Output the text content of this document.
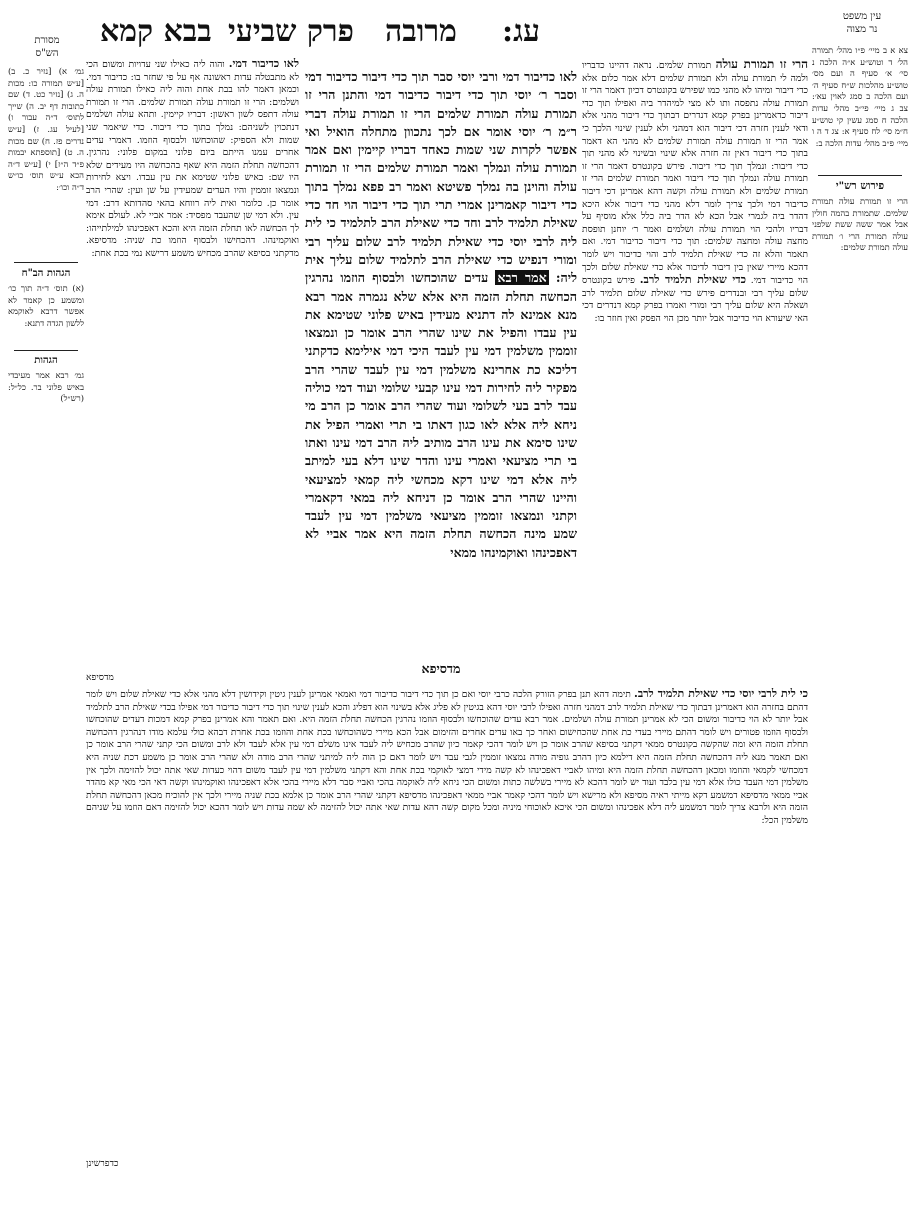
עג:
מרובה
פרק שביעי
בבא קמא	עין משפט
נר מצוה
מסורת
הש"ס	צא א ב מיי׳ פ״ו מהל׳ תמורה הל׳ ד וטוש״ע א״ה הלכה נ סי׳ א׳ סעיף ה ועם מס׳ טוש״ע מהלכות ש״ח סעיף ה׳ ועם הלכה ב סמג לאוין עא׳: צב ג מיי׳ פי״ב מהל׳ עדות הלכה ח סמג עשין קי טוש״ע ח״מ סי׳ לח סעיף א: צג ד ה ו מיי׳ פ״ב מהל׳ עדות הלכה ב:
פירוש רש"י
הרי זו תמורת עולה תמורת שלמים. שתמורת בהמה חולין אבל אמר ששה ששת שלפני עולה תמורת הרי ו׳ תמורת עולה תמורת שלמים:
גמ׳ א) [נזיר כ. ב) [ע״ש תמורה כו: מכות ה. ג) [נזיר כט. ד) שם כתובות דף יב. ה) שייך לתוס׳ ד״ה עבור ו) [לעיל עג. ז) [ע״ש נדרים פז. ח) שם מכות ה. ט) [תוספתא יבמות פ״ד ה״ז] י) [ע״ש ד״ה הכא ע״ש תוס׳ כו״ש ד״ה וכו׳:
הגהות הב"ח
(א) תוס׳ ד״ה תוך כו׳ ומשמע כן קאמר לא אפשר דרבא לאוקמא ללשון הגדה דתנא:
הגהות
גמ׳ רבא אמר מעיבדי באיש פלוני בר. כל״ל: (רש״ל)
הרי זו תמורת עולה תמורת שלמים. נראה דהיינו כדבריו ולמה לי תמורת עולה ולא תמורת שלמים דלא אמר כלום אלא כדי דיבור ומיהו לא מהני כמו שפירש בקונטרס דכיון דאמר הרי זו תמורת עולה נתפסה ותו לא מצי למיהדר ביה ואפילו תוך כדי דיבור כדאמרינן בפרק קמא דנדרים דבתוך כדי דיבור מהני אלא ודאי לענין חזרה דכי דיבור הוא דמהני ולא לענין שינוי הלכך כי אמר הרי זו תמורת עולה תמורת שלמים לא מהני הא דאמר בתוך כדי דיבור דאין זה חזרה אלא שינוי ובשינוי לא מהני תוך כדי דיבור: ונמלך תוך כדי דיבור. פירש בקונטרס דאמר הרי זו תמורת עולה ונמלך תוך כדי דיבור ואמר תמורת שלמים הרי זו תמורת שלמים ולא תמורת עולה וקשה דהא אמרינן דכי דיבור כדיבור דמי ולכך צריך לומר דלא מהני כדי דיבור אלא היכא דהדר ביה לגמרי אבל הכא לא הדר ביה כלל אלא מוסיף על דבריו ולהכי הוי תמורת עולה ושלמים ואמר ר׳ יוחנן תופסת מחצה עולה ומחצה שלמים: תוך כדי דיבור כדיבור דמי. ואם תאמר והלא זה כדי שאילת תלמיד לרב והוי כדיבור ויש לומר דהכא מיירי שאין בין דיבור לדיבור אלא כדי שאילת שלום ולכך הוי כדיבור דמי. כדי שאילת תלמיד לרב. פירש בקונטרס שלום עליך רבי ובנדרים פירש כדי שאילת שלום תלמיד לרב ושאלה היא שלום עליך רבי ומורי ואמרו בפרק קמא דנדרים דכי האי שיעורא הוי כדיבור אבל יותר מכן הוי הפסק ואין חוזר בו:
לאו כדיבור דמי ורבי יוסי סבר תוך כדי דיבור כדיבור דמי וסבר ר׳ יוסי תוך כדי דיבור כדיבור דמי והתנן הרי זו תמורת עולה תמורת שלמים הרי זו תמורת עולה דברי ר״מ ר׳ יוסי אומר אם לכך נתכוון מתחלה הואיל ואי אפשר לקרות שני שמות כאחד דבריו קיימין ואם אמר תמורת עולה ונמלך ואמר תמורת שלמים הרי זו תמורת עולה והוינן בה נמלך פשיטא ואמר רב פפא נמלך בתוך כדי דיבור קאמרינן אמרי תרי תוך כדי דיבור הוי חד כדי שאילת תלמיד לרב וחד כדי שאילת הרב לתלמיד כי לית ליה לרבי יוסי כדי שאילת תלמיד לרב שלום עליך רבי ומורי דנפיש כדי שאילת הרב לתלמיד שלום עליך אית ליה: אמר רבא עדים שהוכחשו ולבסוף הוזמו נהרגין הכחשה תחלת הזמה היא אלא שלא נגמרה אמר רבא מנא אמינא לה דתניא מעידין באיש פלוני שטימא את עין עבדו והפיל את שינו שהרי הרב אומר כן ונמצאו זוממין משלמין דמי עין לעבד היכי דמי אילימא כדקתני דליכא כת אחרינא משלמין דמי עין לעבד שהרי הרב מפקיר ליה לחירות דמי עינו קבעי שלומי ועוד דמי כוליה עבד לרב בעי לשלומי ועוד שהרי הרב אומר כן הרב מי ניחא ליה אלא לאו כגון דאתו בי תרי ואמרי הפיל את שינו סימא את עינו הרב מותיב ליה הרב דמי עינו ואתו בי תרי מציעאי ואמרי עינו והדר שינו דלא בעי למיתב ליה אלא דמי שינו דקא מכחשי ליה קמאי למציעאי והיינו שהרי הרב אומר כן דניחא ליה במאי דקאמרי וקתני ונמצאו זוממין מציעאי משלמין דמי עין לעבד שמע מינה הכחשה תחלת הזמה היא אמר אביי לא דאפכינהו ואוקמינהו ממאי
מדסיפא
לאו כדיבור דמי. והוה ליה כאילו שני עדויות ומשום הכי לא מתבטלה עדות ראשונה אף על פי שחזר בו: כדיבור דמי. וכמאן דאמר להו בבת אחת והוה ליה כאילו תמורת עולה ושלמים: הרי זו תמורת עולה תמורת שלמים. הרי זו תמורת עולה דתפס לשון ראשון: דבריו קיימין. ותהא עולה ושלמים דנתכוין לשניהם: נמלך בתוך כדי דיבור. כדי שיאמר שני שמות ולא הספיק: שהוכחשו ולבסוף הוזמו. דאמרי עדים אחרים עמנו הייתם ביום פלוני במקום פלוני: נהרגין. דהכחשה תחלת הזמה היא שאף בהכחשה היו מעידים שלא היו שם: באיש פלוני שטימא את עין עבדו. ויצא לחירות ונמצאו זוממין והיו העדים שמעידין על שן ועין: שהרי הרב אומר כן. כלומר ואית ליה רווחא בהאי סהדותא דרב: דמי עין. ולא דמי שן שהעבד מפסיד: אמר אביי לא. לעולם אימא לך הכחשה לאו תחלת הזמה היא והכא דאפכינהו למילתייהו: ואוקמינהו. דהכחישו ולבסוף הוזמו כת שניה: מדסיפא. מדקתני בסיפא שהרב מכחיש משמע דרישא נמי בכת אחת:
מדסיפא
כי לית לרבי יוסי כדי שאילת תלמיד לרב. תימה דהא תנן בפרק הזורק הלכה כרבי יוסי ואם כן תוך כדי דיבור כדיבור דמי ואמאי אמרינן לענין גיטין וקידושין דלא מהני אלא כדי שאילת שלום ויש לומר דהתם בחזרה הוא דאמרינן דבתוך כדי שאילת תלמיד לרב דמהני חזרה ואפילו לרבי יוסי דהא בגיטין לא פליג אלא בשינוי הוא דפליג והכא לענין שינוי תוך כדי דיבור כדיבור דמי אפילו בכדי שאילת הרב לתלמיד אבל יותר לא הוי כדיבור ומשום הכי לא אמרינן תמורת עולה ושלמים. אמר רבא עדים שהוכחשו ולבסוף הוזמו נהרגין הכחשה תחלת הזמה היא. ואם תאמר והא אמרינן בפרק קמא דמכות דעדים שהוכחשו ולבסוף הוזמו פטורים ויש לומר דהתם מיירי בעדי כת אחת שהכחישום ואחר כך באו עדים אחרים והזימום אבל הכא מיירי כשהוכחשו בכת אחת והוזמו בכת אחרת דבהא כולי עלמא מודו דנהרגין דהכחשה תחלת הזמה היא ומה שהקשה בקונטרס ממאי דקתני בסיפא שהרב אומר כן ויש לומר דהכי קאמר כיון שהרב מכחיש ליה לעבד אינו משלם דמי עין אלא לעבד ולא לרב ומשום הכי קתני שהרי הרב אומר כן ואם תאמר מנא ליה דהכחשה תחלת הזמה היא דילמא כיון דהרב גופיה מודה נמצאו זוממין לגבי עבד ויש לומר דאם כן הוה ליה למיתני שהרי הרב מודה ולא שהרי הרב אומר כן משמע דכת שניה היא דמכחשי לקמאי והוזמו ומכאן דהכחשה תחלת הזמה היא ומיהו לאביי דאפכינהו לא קשה מידי דמצי לאוקמי בכת אחת והא דקתני משלמין דמי עין לעבד משום דהוי כעדות שאי אתה יכול להזימה ולכך אין משלמין דמי העבד כולו אלא דמי עין בלבד ועוד יש לומר דהכא לא מיירי בשלשה כתות ומשום הכי ניחא ליה לאוקמה בהכי ואביי סבר דלא מיירי בהכי אלא דאפכינהו ואוקמינהו וקשה דאי הכי מאי קא מהדר אביי ממאי מדסיפא דמשמע דקא מייתי ראיה מסיפא ולא מרישא ויש לומר דהכי קאמר אביי ממאי דאפכינהו מדסיפא דקתני שהרי הרב אומר כן אלמא בכת שניה מיירי ולכך אין להוכיח מכאן דהכחשה תחלת הזמה היא ולרבא צריך לומר דמשמע ליה דלא אפכינהו ומשום הכי איכא לאוכוחי מיניה ומכל מקום קשה דהא עדות שאי אתה יכול להזימה לא שמה עדות ויש לומר דהכא יכול להזימה דאם הוזמו על שניהם משלמין הכל:
כדפרשינן
